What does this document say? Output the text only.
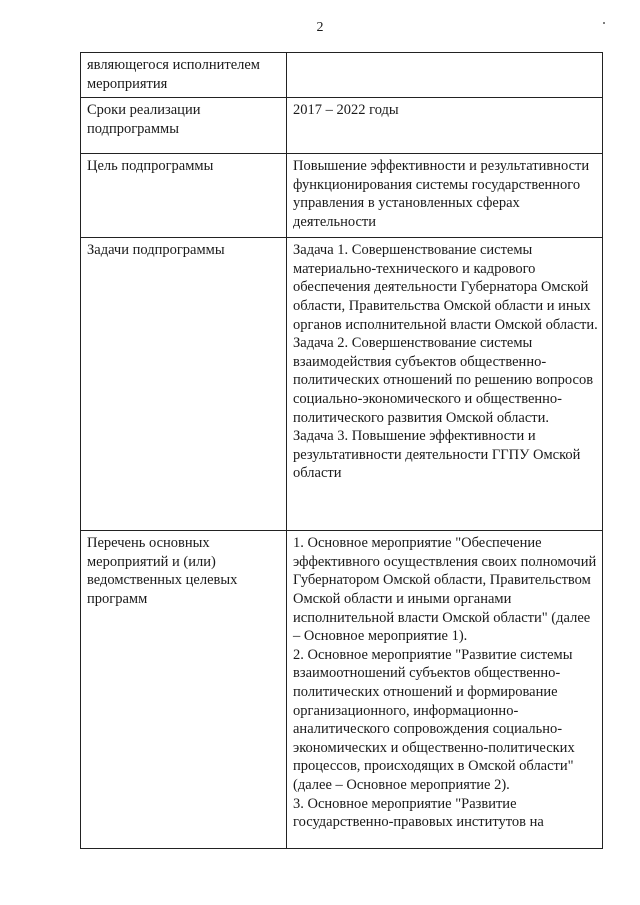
2
являющегося исполнителем мероприятия	
Сроки реализации подпрограммы	2017 – 2022 годы

Цель подпрограммы	Повышение эффективности и результативности функционирования системы государственного управления в установленных сферах деятельности

Задачи подпрограммы	Задача 1. Совершенствование системы материально-технического и кадрового обеспечения деятельности Губернатора Омской области, Правительства Омской области и иных органов исполнительной власти Омской области.
Задача 2. Совершенствование системы взаимодействия субъектов общественно-политических отношений по решению вопросов социально-экономического и общественно-политического развития Омской области.
Задача 3. Повышение эффективности и результативности деятельности ГГПУ Омской области

Перечень основных мероприятий и (или) ведомственных целевых программ	1. Основное мероприятие "Обеспечение эффективного осуществления своих полномочий Губернатором Омской области, Правительством Омской области и иными органами исполнительной власти Омской области" (далее – Основное мероприятие 1).
2. Основное мероприятие "Развитие системы взаимоотношений субъектов общественно-политических отношений и формирование организационного, информационно-аналитического сопровождения социально-экономических и общественно-политических процессов, происходящих в Омской области" (далее – Основное мероприятие 2).
3. Основное мероприятие "Развитие государственно-правовых институтов на
